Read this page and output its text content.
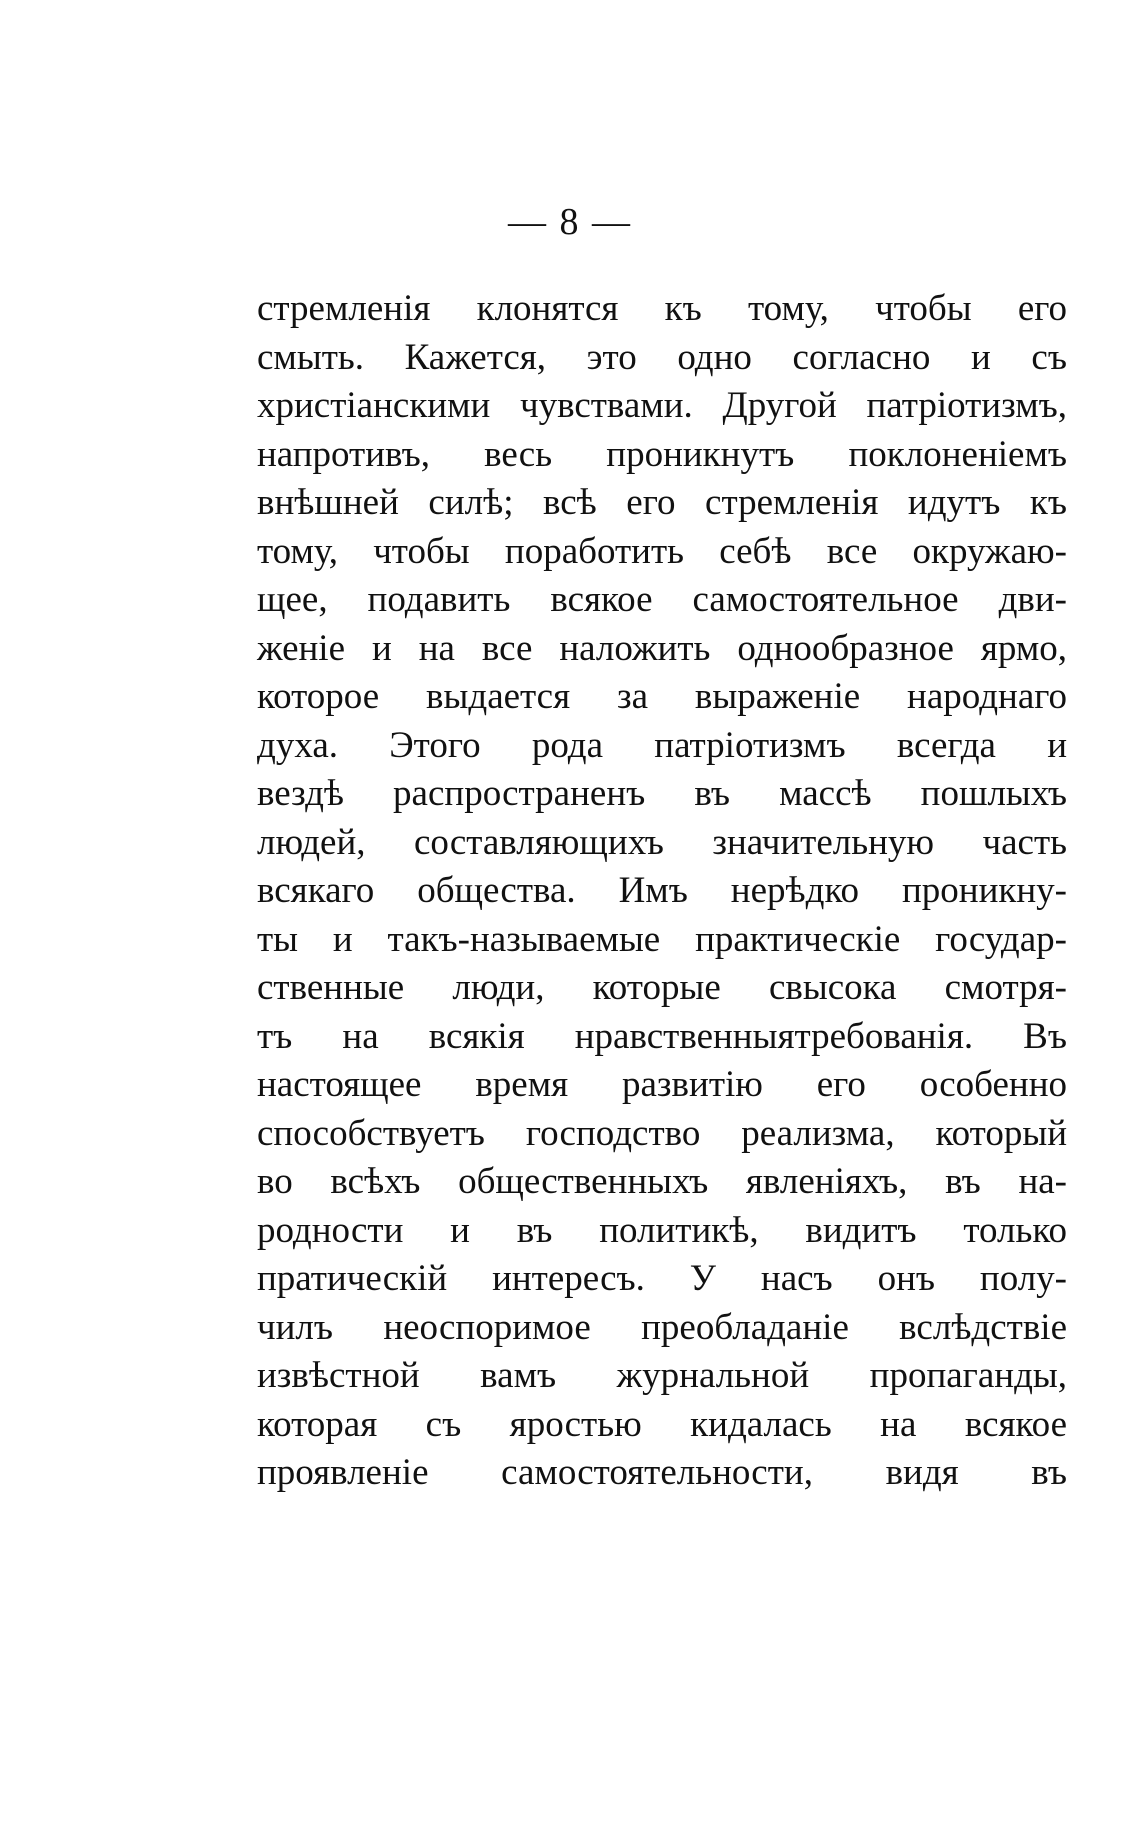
— 8 —
стремленія клонятся къ тому, чтобы его
смыть. Кажется, это одно согласно и съ
христіанскими чувствами. Другой патріотизмъ,
напротивъ, весь проникнутъ поклоненіемъ
внѣшней силѣ; всѣ его стремленія идутъ къ
тому, чтобы поработить себѣ все окружаю-
щее, подавить всякое самостоятельное дви-
женіе и на все наложить однообразное ярмо,
которое выдается за выраженіе народнаго
духа. Этого рода патріотизмъ всегда и
вездѣ распространенъ въ массѣ пошлыхъ
людей, составляющихъ значительную часть
всякаго общества. Имъ нерѣдко проникну-
ты и такъ-называемые практическіе государ-
ственные люди, которые свысока смотря-
тъ на всякія нравственныятребованія. Въ
настоящее время развитію его особенно
способствуетъ господство реализма, который
во всѣхъ общественныхъ явленіяхъ, въ на-
родности и въ политикѣ, видитъ только
пратическій интересъ. У насъ онъ полу-
чилъ неоспоримое преобладаніе вслѣдствіе
извѣстной вамъ журнальной пропаганды,
которая съ яростью кидалась на всякое
проявленіе самостоятельности, видя въ
